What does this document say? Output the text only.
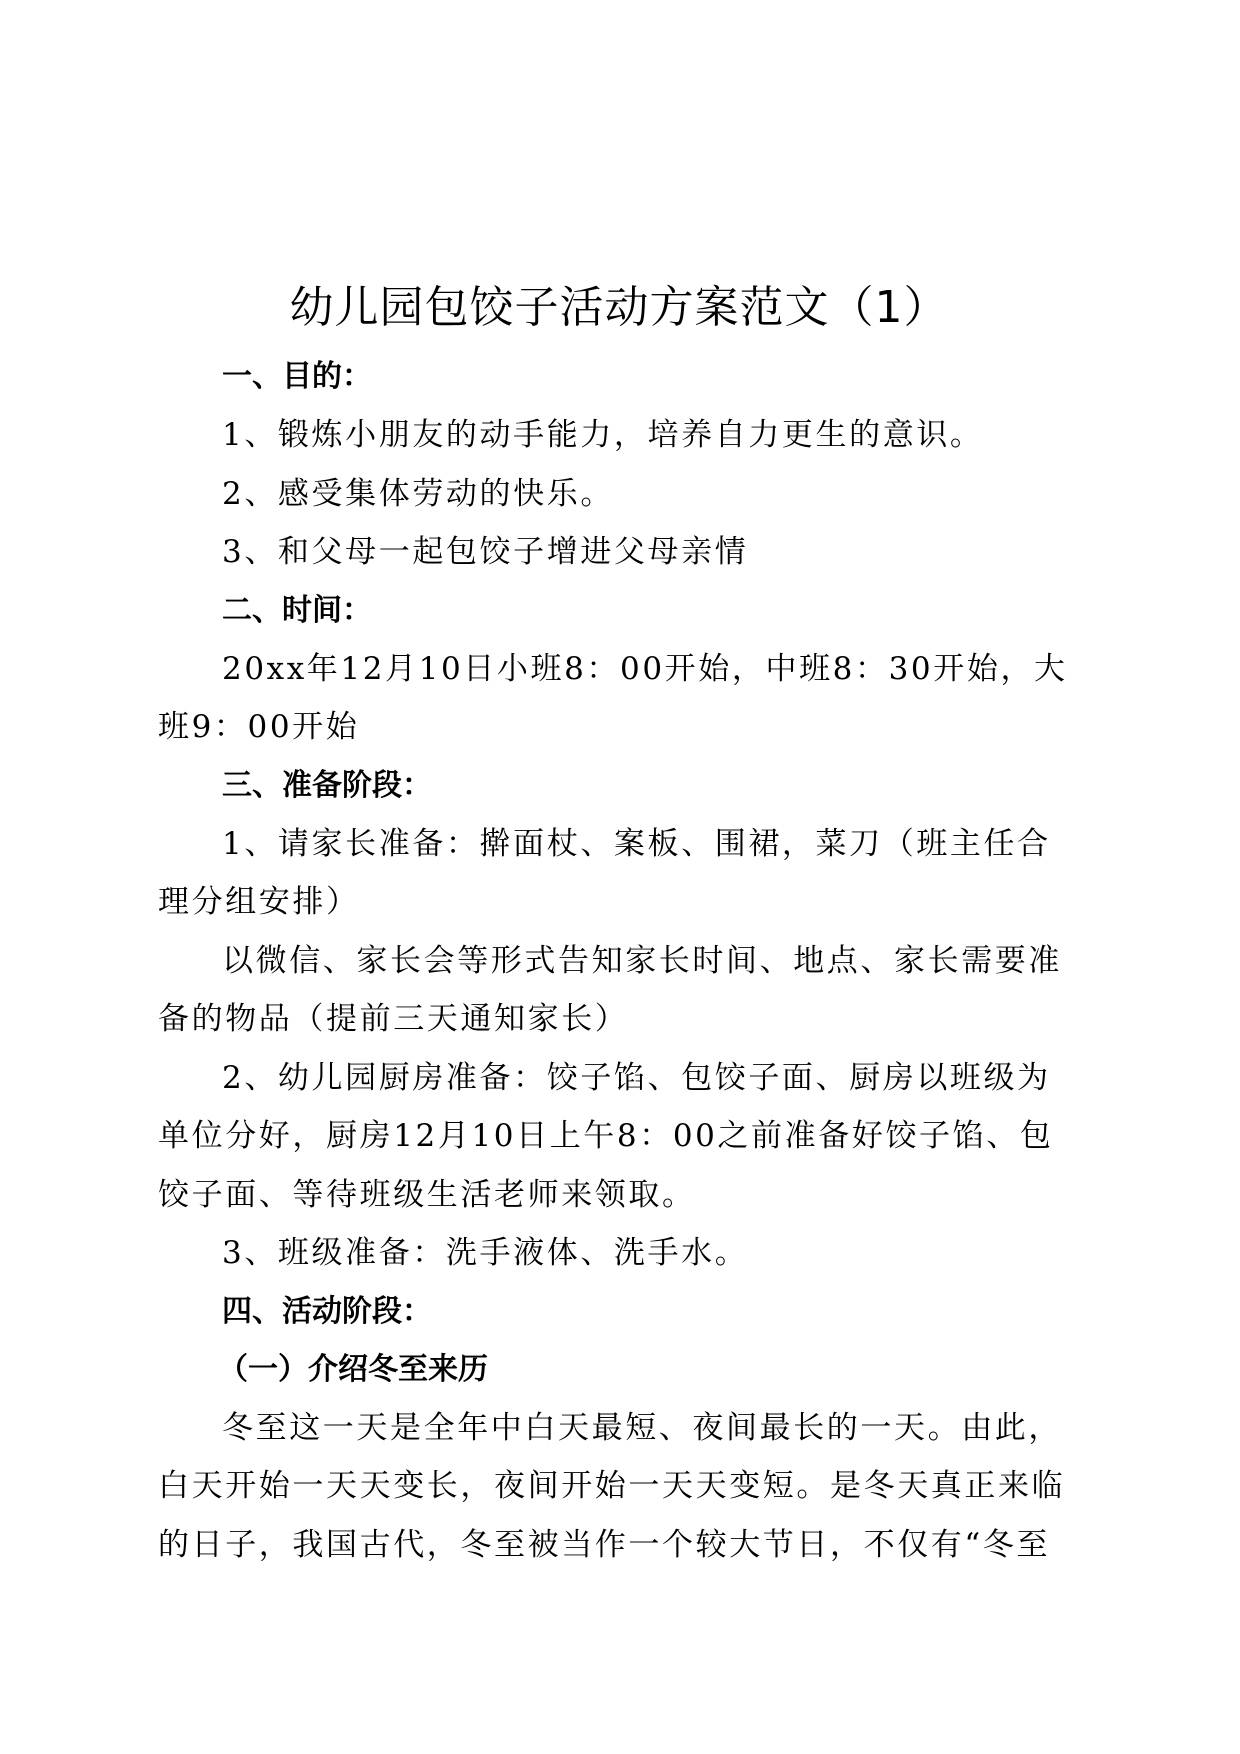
幼儿园包饺子活动方案范文（1）
一、目的：

1、锻炼小朋友的动手能力，培养自力更生的意识。

2、感受集体劳动的快乐。

3、和父母一起包饺子增进父母亲情

二、时间：

20xx年12月10日小班8：00开始，中班8：30开始，大班9：00开始

三、准备阶段：

1、请家长准备：擀面杖、案板、围裙，菜刀（班主任合理分组安排）

以微信、家长会等形式告知家长时间、地点、家长需要准备的物品（提前三天通知家长）

2、幼儿园厨房准备：饺子馅、包饺子面、厨房以班级为单位分好，厨房12月10日上午8：00之前准备好饺子馅、包饺子面、等待班级生活老师来领取。

3、班级准备：洗手液体、洗手水。

四、活动阶段：
（一）介绍冬至来历

冬至这一天是全年中白天最短、夜间最长的一天。由此，白天开始一天天变长，夜间开始一天天变短。是冬天真正来临的日子，我国古代，冬至被当作一个较大节日，不仅有“冬至
